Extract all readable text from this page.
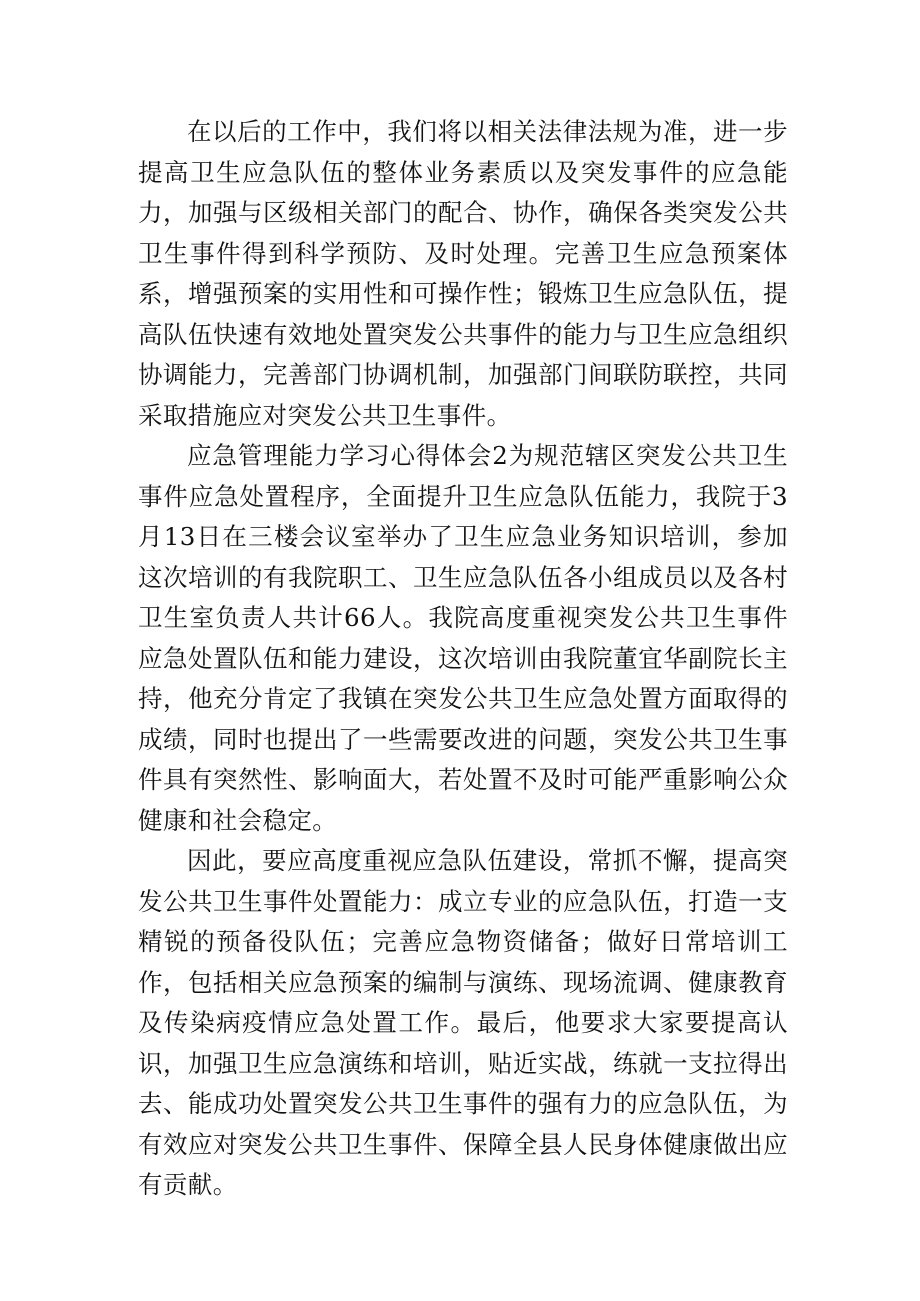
在以后的工作中，我们将以相关法律法规为准，进一步提高卫生应急队伍的整体业务素质以及突发事件的应急能力，加强与区级相关部门的配合、协作，确保各类突发公共卫生事件得到科学预防、及时处理。完善卫生应急预案体系，增强预案的实用性和可操作性；锻炼卫生应急队伍，提高队伍快速有效地处置突发公共事件的能力与卫生应急组织协调能力，完善部门协调机制，加强部门间联防联控，共同采取措施应对突发公共卫生事件。

应急管理能力学习心得体会2为规范辖区突发公共卫生事件应急处置程序，全面提升卫生应急队伍能力，我院于3月13日在三楼会议室举办了卫生应急业务知识培训，参加这次培训的有我院职工、卫生应急队伍各小组成员以及各村卫生室负责人共计66人。我院高度重视突发公共卫生事件应急处置队伍和能力建设，这次培训由我院董宜华副院长主持，他充分肯定了我镇在突发公共卫生应急处置方面取得的成绩，同时也提出了一些需要改进的问题，突发公共卫生事件具有突然性、影响面大，若处置不及时可能严重影响公众健康和社会稳定。

因此，要应高度重视应急队伍建设，常抓不懈，提高突发公共卫生事件处置能力：成立专业的应急队伍，打造一支精锐的预备役队伍；完善应急物资储备；做好日常培训工作，包括相关应急预案的编制与演练、现场流调、健康教育及传染病疫情应急处置工作。最后，他要求大家要提高认识，加强卫生应急演练和培训，贴近实战，练就一支拉得出去、能成功处置突发公共卫生事件的强有力的应急队伍，为有效应对突发公共卫生事件、保障全县人民身体健康做出应有贡献。
